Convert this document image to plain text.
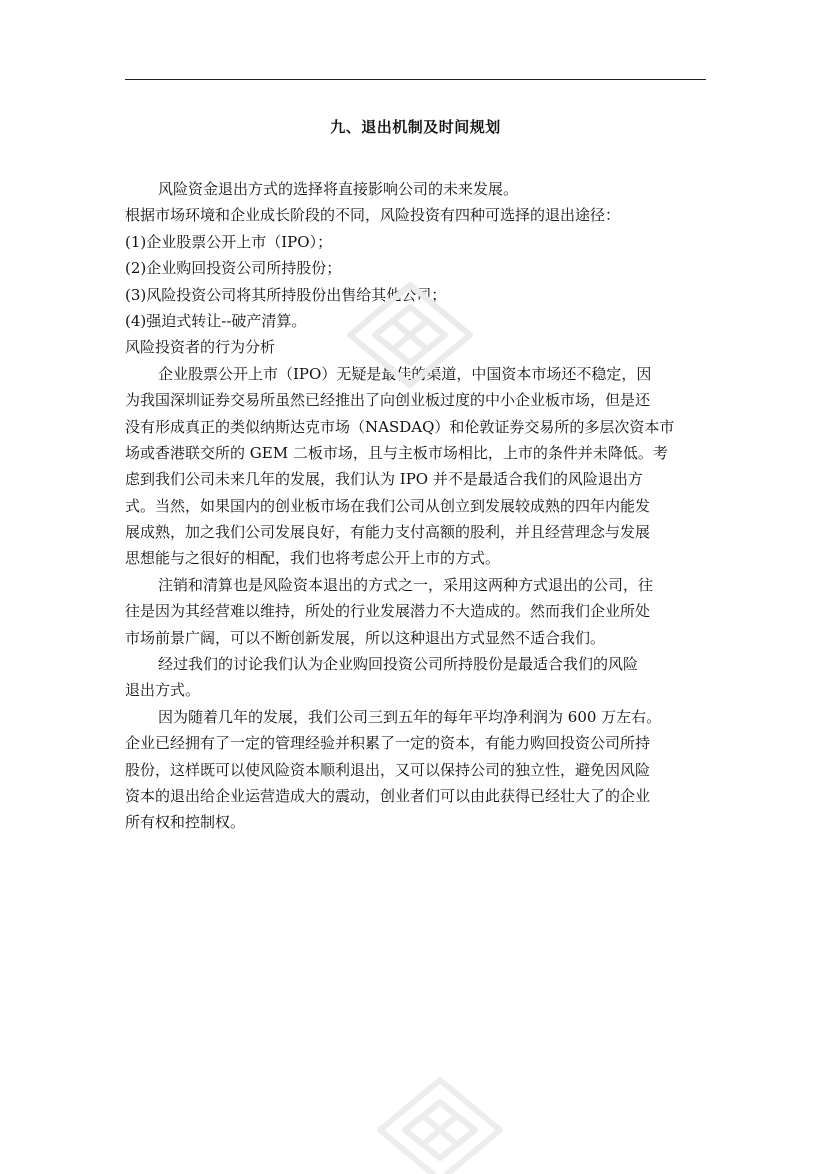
九、退出机制及时间规划
风险资金退出方式的选择将直接影响公司的未来发展。
根据市场环境和企业成长阶段的不同，风险投资有四种可选择的退出途径：
(1)企业股票公开上市（IPO）；
(2)企业购回投资公司所持股份；
(3)风险投资公司将其所持股份出售给其他公司；
(4)强迫式转让--破产清算。
风险投资者的行为分析
企业股票公开上市（IPO）无疑是最佳的渠道，中国资本市场还不稳定，因
为我国深圳证券交易所虽然已经推出了向创业板过度的中小企业板市场，但是还
没有形成真正的类似纳斯达克市场（NASDAQ）和伦敦证券交易所的多层次资本市
场或香港联交所的 GEM 二板市场，且与主板市场相比，上市的条件并未降低。考
虑到我们公司未来几年的发展，我们认为 IPO 并不是最适合我们的风险退出方
式。当然，如果国内的创业板市场在我们公司从创立到发展较成熟的四年内能发
展成熟，加之我们公司发展良好，有能力支付高额的股利，并且经营理念与发展
思想能与之很好的相配，我们也将考虑公开上市的方式。
注销和清算也是风险资本退出的方式之一，采用这两种方式退出的公司，往
往是因为其经营难以维持，所处的行业发展潜力不大造成的。然而我们企业所处
市场前景广阔，可以不断创新发展，所以这种退出方式显然不适合我们。
经过我们的讨论我们认为企业购回投资公司所持股份是最适合我们的风险
退出方式。
因为随着几年的发展，我们公司三到五年的每年平均净利润为 600 万左右。
企业已经拥有了一定的管理经验并积累了一定的资本，有能力购回投资公司所持
股份，这样既可以使风险资本顺利退出，又可以保持公司的独立性，避免因风险
资本的退出给企业运营造成大的震动，创业者们可以由此获得已经壮大了的企业
所有权和控制权。
